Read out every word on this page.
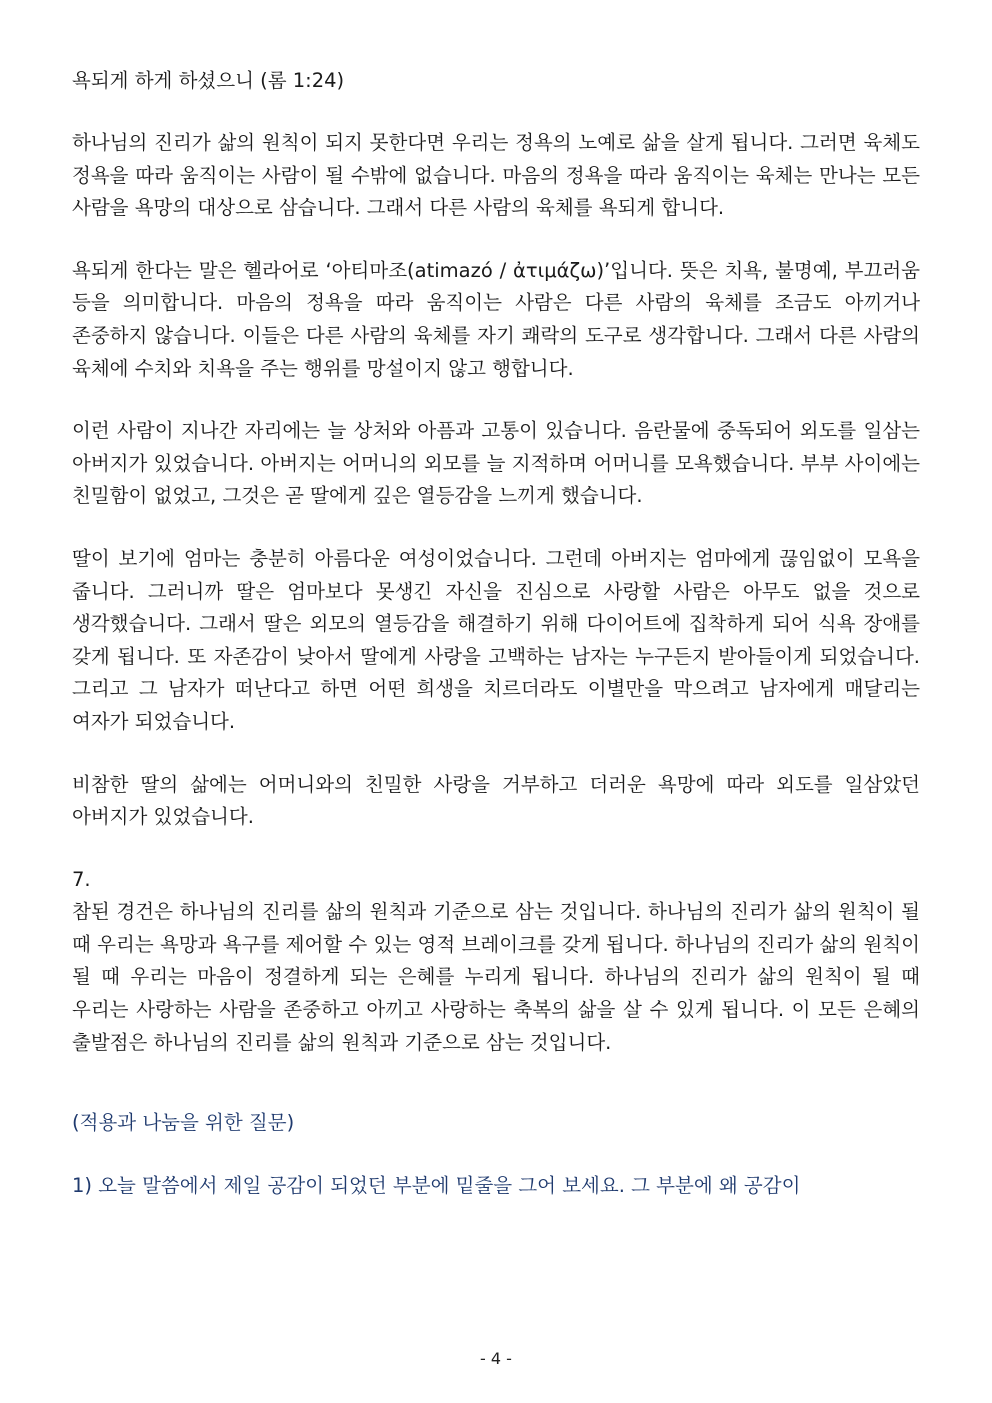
욕되게 하게 하셨으니 (롬 1:24)

하나님의 진리가 삶의 원칙이 되지 못한다면 우리는 정욕의 노예로 삶을 살게 됩니다. 그러면 육체도 정욕을 따라 움직이는 사람이 될 수밖에 없습니다. 마음의 정욕을 따라 움직이는 육체는 만나는 모든 사람을 욕망의 대상으로 삼습니다. 그래서 다른 사람의 육체를 욕되게 합니다.

욕되게 한다는 말은 헬라어로 ‘아티마조(atimazó / ἀτιμάζω)’입니다. 뜻은 치욕, 불명예, 부끄러움 등을 의미합니다. 마음의 정욕을 따라 움직이는 사람은 다른 사람의 육체를 조금도 아끼거나 존중하지 않습니다. 이들은 다른 사람의 육체를 자기 쾌락의 도구로 생각합니다. 그래서 다른 사람의 육체에 수치와 치욕을 주는 행위를 망설이지 않고 행합니다.

이런 사람이 지나간 자리에는 늘 상처와 아픔과 고통이 있습니다. 음란물에 중독되어 외도를 일삼는 아버지가 있었습니다. 아버지는 어머니의 외모를 늘 지적하며 어머니를 모욕했습니다. 부부 사이에는 친밀함이 없었고, 그것은 곧 딸에게 깊은 열등감을 느끼게 했습니다.

딸이 보기에 엄마는 충분히 아름다운 여성이었습니다. 그런데 아버지는 엄마에게 끊임없이 모욕을 줍니다. 그러니까 딸은 엄마보다 못생긴 자신을 진심으로 사랑할 사람은 아무도 없을 것으로 생각했습니다. 그래서 딸은 외모의 열등감을 해결하기 위해 다이어트에 집착하게 되어 식욕 장애를 갖게 됩니다. 또 자존감이 낮아서 딸에게 사랑을 고백하는 남자는 누구든지 받아들이게 되었습니다. 그리고 그 남자가 떠난다고 하면 어떤 희생을 치르더라도 이별만을 막으려고 남자에게 매달리는 여자가 되었습니다.

비참한 딸의 삶에는 어머니와의 친밀한 사랑을 거부하고 더러운 욕망에 따라 외도를 일삼았던 아버지가 있었습니다.

7.

참된 경건은 하나님의 진리를 삶의 원칙과 기준으로 삼는 것입니다. 하나님의 진리가 삶의 원칙이 될 때 우리는 욕망과 욕구를 제어할 수 있는 영적 브레이크를 갖게 됩니다. 하나님의 진리가 삶의 원칙이 될 때 우리는 마음이 정결하게 되는 은혜를 누리게 됩니다. 하나님의 진리가 삶의 원칙이 될 때 우리는 사랑하는 사람을 존중하고 아끼고 사랑하는 축복의 삶을 살 수 있게 됩니다. 이 모든 은혜의 출발점은 하나님의 진리를 삶의 원칙과 기준으로 삼는 것입니다.

(적용과 나눔을 위한 질문)
1) 오늘 말씀에서 제일 공감이 되었던 부분에 밑줄을 그어 보세요. 그 부분에 왜 공감이
- 4 -
